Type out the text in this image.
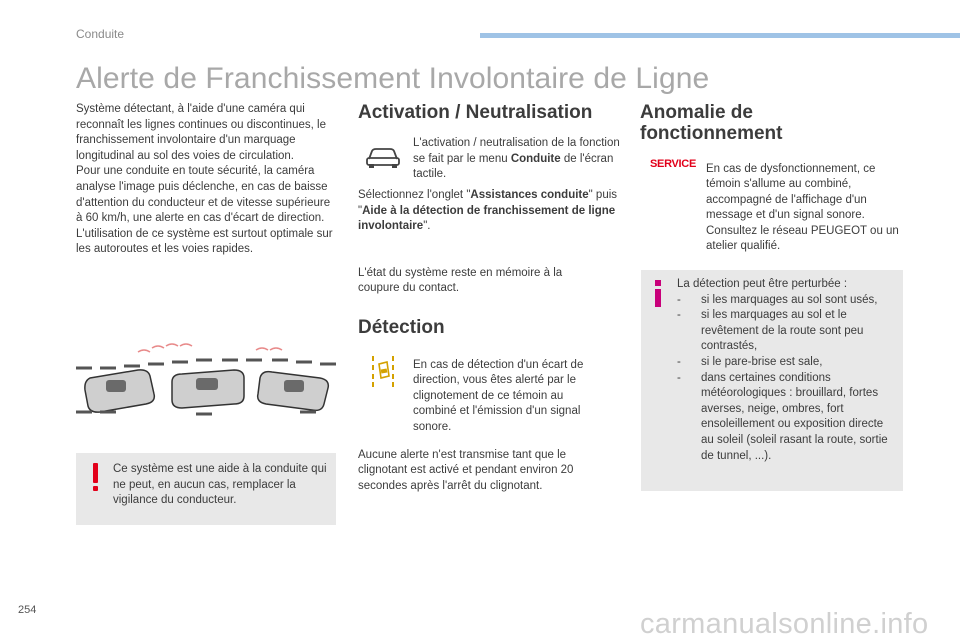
Conduite
Alerte de Franchissement Involontaire de Ligne

Système détectant, à l'aide d'une caméra qui reconnaît les lignes continues ou discontinues, le franchissement involontaire d'un marquage longitudinal au sol des voies de circulation.

Pour une conduite en toute sécurité, la caméra analyse l'image puis déclenche, en cas de baisse d'attention du conducteur et de vitesse supérieure à 60 km/h, une alerte en cas d'écart de direction.

L'utilisation de ce système est surtout optimale sur les autoroutes et les voies rapides.

Ce système est une aide à la conduite qui ne peut, en aucun cas, remplacer la vigilance du conducteur.

Activation / Neutralisation
L'activation / neutralisation de la fonction se fait par le menu Conduite de l'écran tactile.
Sélectionnez l'onglet "Assistances conduite" puis "Aide à la détection de franchissement de ligne involontaire".

L'état du système reste en mémoire à la coupure du contact.

Détection

En cas de détection d'un écart de direction, vous êtes alerté par le clignotement de ce témoin au combiné et l'émission d'un signal sonore.

Aucune alerte n'est transmise tant que le clignotant est activé et pendant environ 20 secondes après l'arrêt du clignotant.

Anomalie de fonctionnement
SERVICE En cas de dysfonctionnement, ce témoin s'allume au combiné, accompagné de l'affichage d'un message et d'un signal sonore. Consultez le réseau PEUGEOT ou un atelier qualifié.

La détection peut être perturbée :

- si les marquages au sol sont usés,
- si les marquages au sol et le revêtement de la route sont peu contrastés,
- si le pare-brise est sale,
- dans certaines conditions météorologiques : brouillard, fortes averses, neige, ombres, fort ensoleillement ou exposition directe au soleil (soleil rasant la route, sortie de tunnel, ...).
254	carmanualsonline.info
